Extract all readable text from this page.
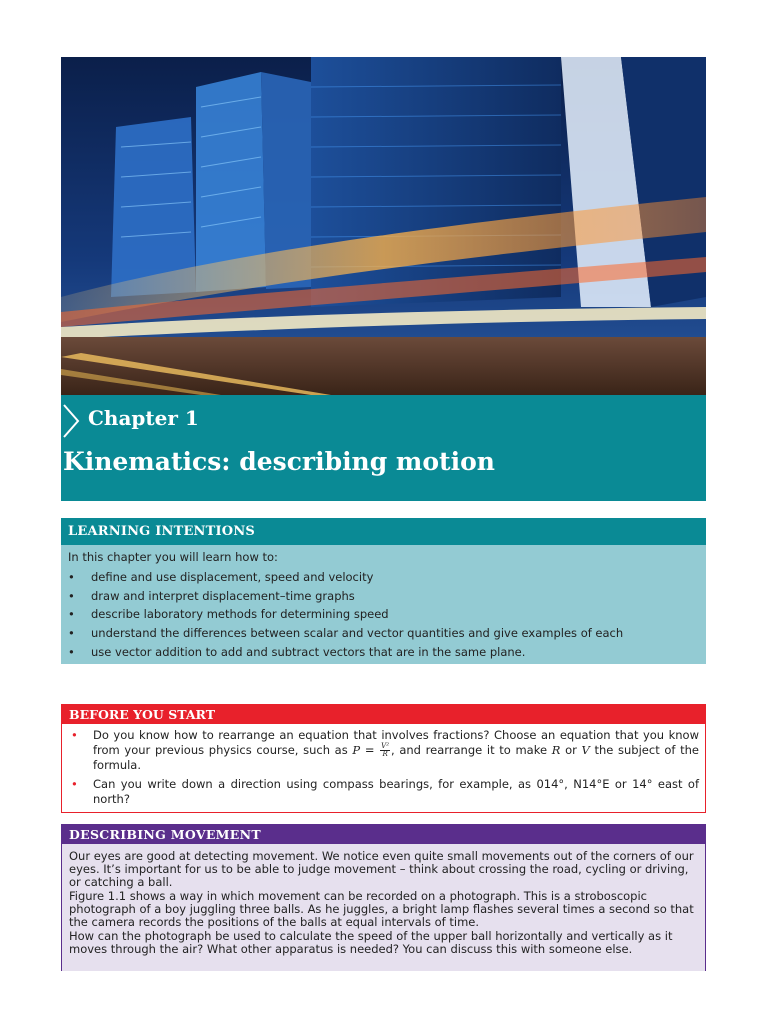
Chapter 1
Kinematics: describing motion
LEARNING INTENTIONS
In this chapter you will learn how to:
• define and use displacement, speed and velocity
• draw and interpret displacement–time graphs
• describe laboratory methods for determining speed
• understand the differences between scalar and vector quantities and give examples of each
• use vector addition to add and subtract vectors that are in the same plane.
BEFORE YOU START
• Do you know how to rearrange an equation that involves fractions? Choose an equation that you know from your previous physics course, such as $P = \frac{\text{V²}}{R}$ , and rearrange it to make R or V the subject of the formula.
• Can you write down a direction using compass bearings, for example, as 014°, N14°E or 14° east of north?
DESCRIBING MOVEMENT

Our eyes are good at detecting movement. We notice even quite small movements out of the corners of our eyes. It’s important for us to be able to judge movement – think about crossing the road, cycling or driving, or catching a ball.

Figure 1.1 shows a way in which movement can be recorded on a photograph. This is a stroboscopic photograph of a boy juggling three balls. As he juggles, a bright lamp flashes several times a second so that the camera records the positions of the balls at equal intervals of time.

How can the photograph be used to calculate the speed of the upper ball horizontally and vertically as it moves through the air? What other apparatus is needed? You can discuss this with someone else.
